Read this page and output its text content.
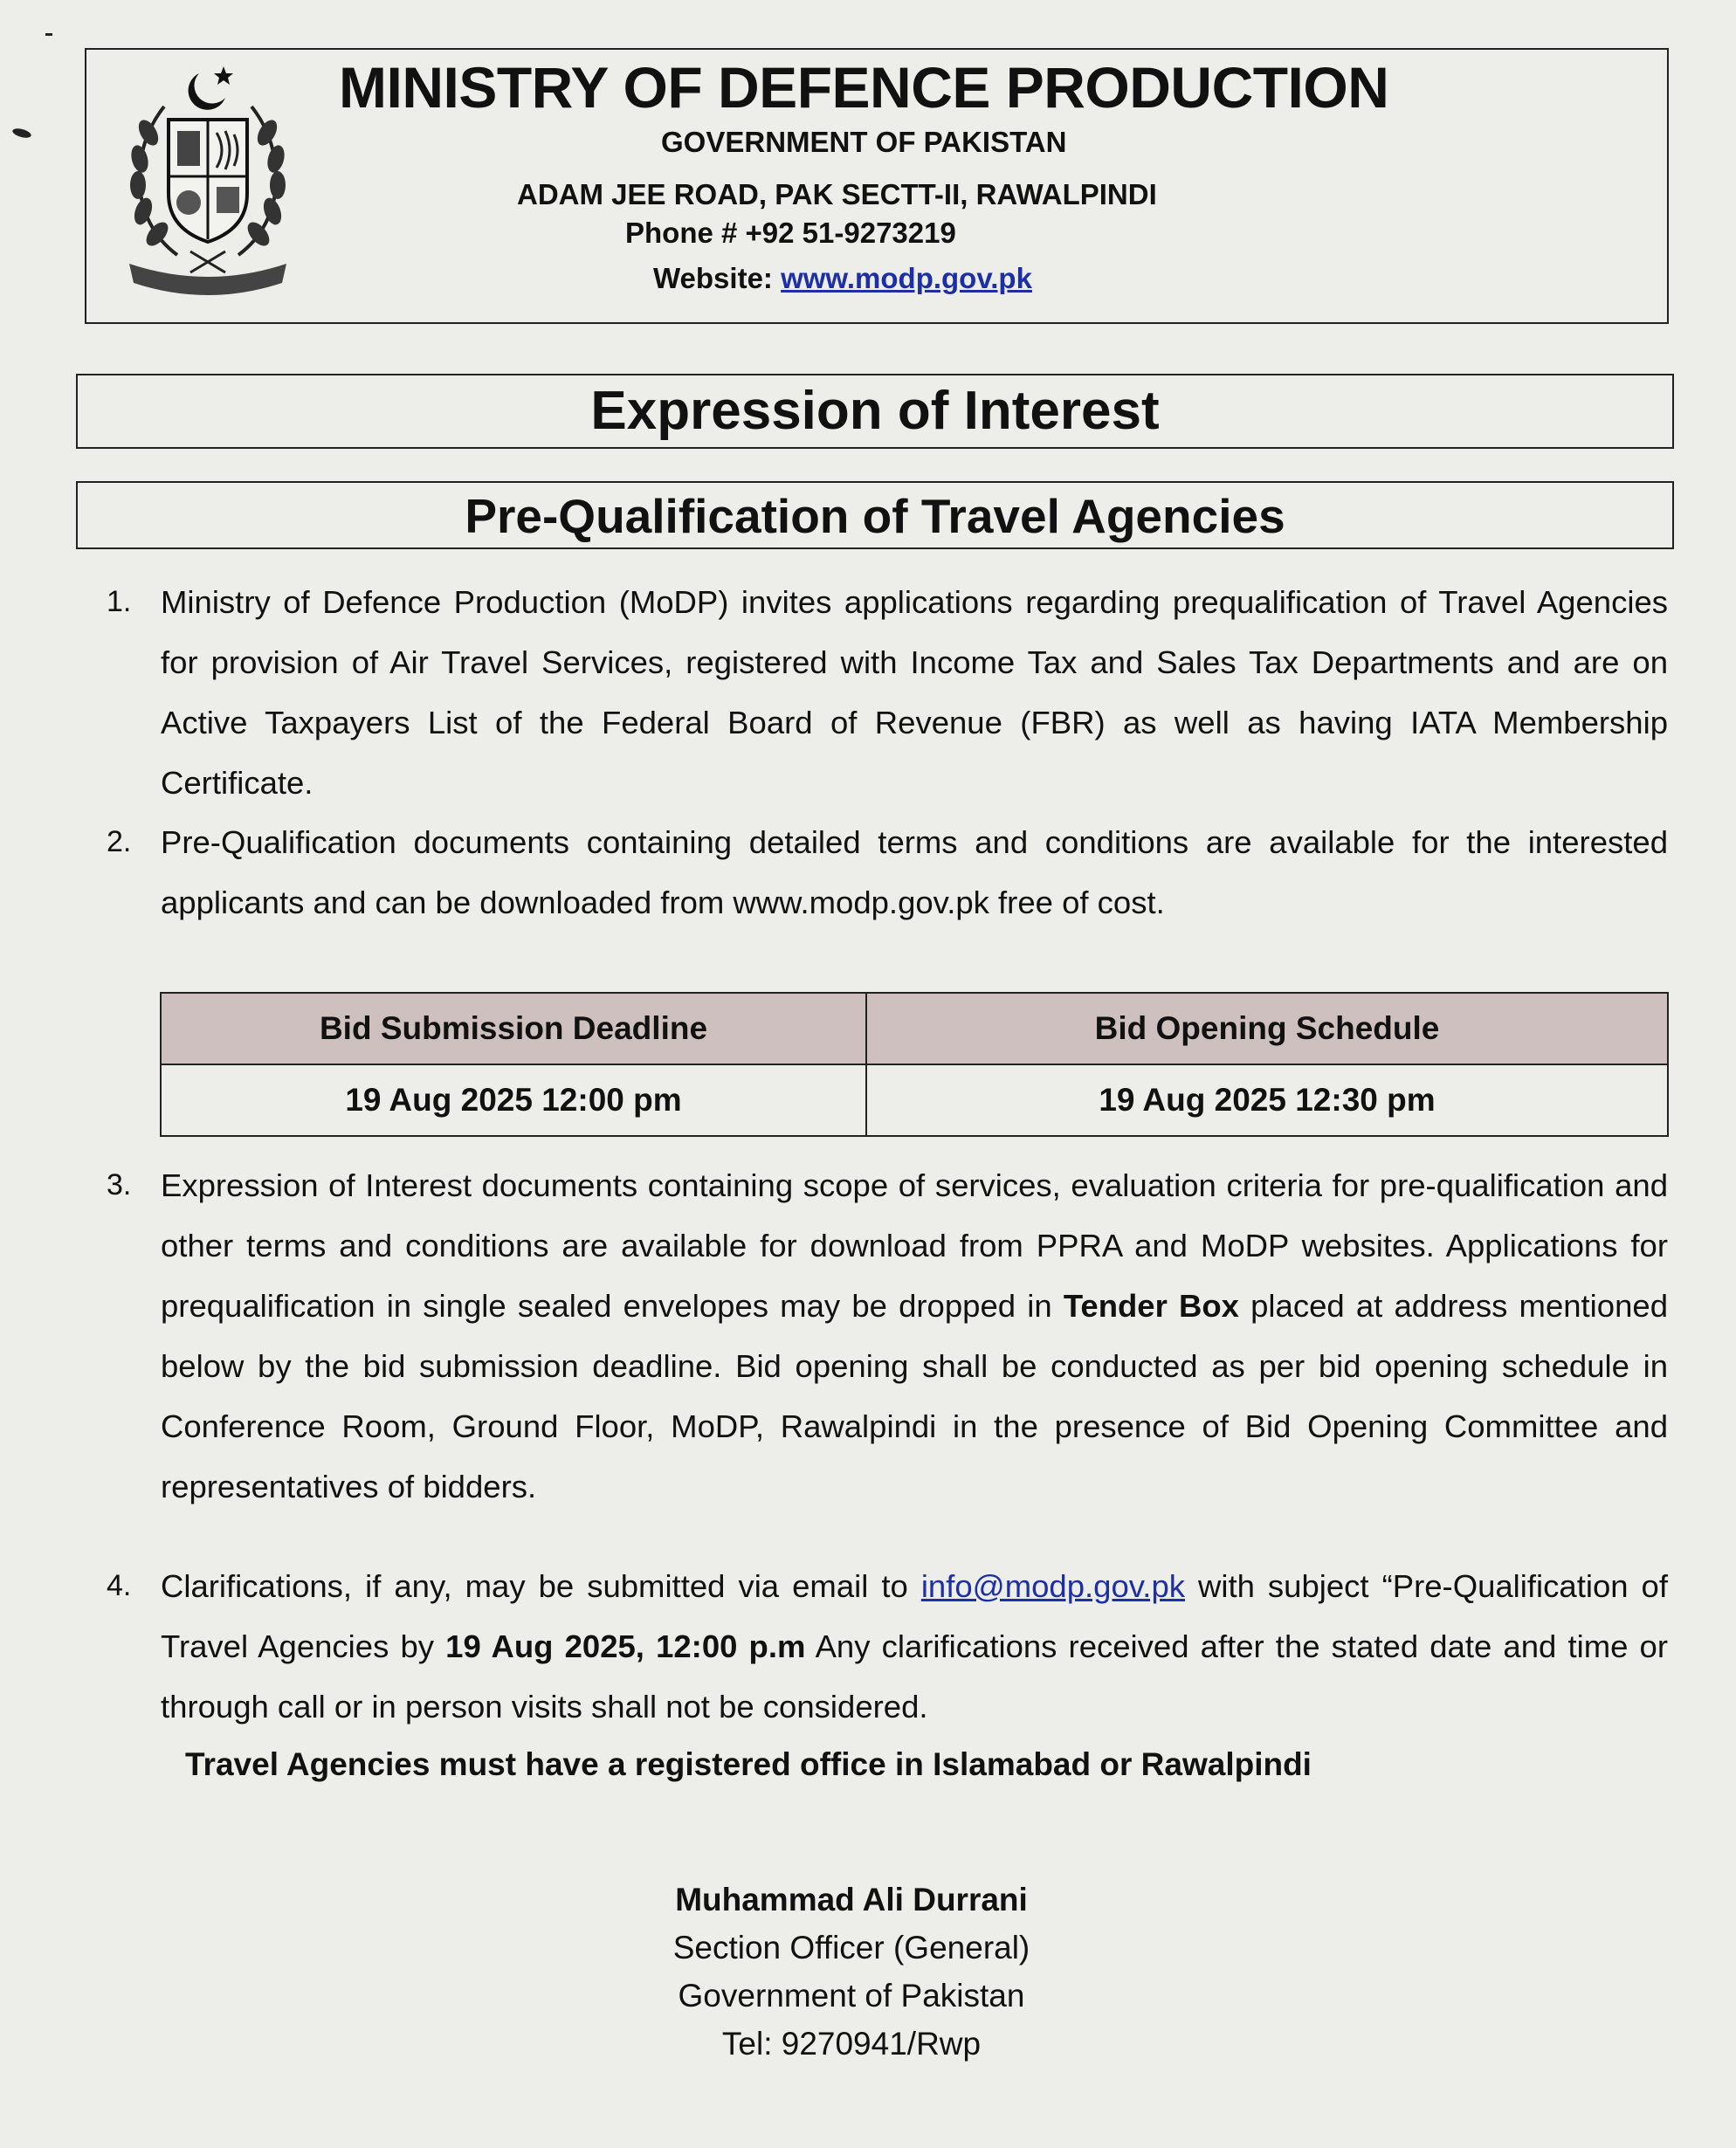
MINISTRY OF DEFENCE PRODUCTION
GOVERNMENT OF PAKISTAN
ADAM JEE ROAD, PAK SECTT-II, RAWALPINDI
Phone # +92 51-9273219
Website: www.modp.gov.pk
Expression of Interest
Pre-Qualification of Travel Agencies
1. Ministry of Defence Production (MoDP) invites applications regarding prequalification of Travel Agencies for provision of Air Travel Services, registered with Income Tax and Sales Tax Departments and are on Active Taxpayers List of the Federal Board of Revenue (FBR) as well as having IATA Membership Certificate.
2. Pre-Qualification documents containing detailed terms and conditions are available for the interested applicants and can be downloaded from www.modp.gov.pk free of cost.
Bid Submission Deadline	Bid Opening Schedule
19 Aug 2025 12:00 pm	19 Aug 2025 12:30 pm
3. Expression of Interest documents containing scope of services, evaluation criteria for pre-qualification and other terms and conditions are available for download from PPRA and MoDP websites. Applications for prequalification in single sealed envelopes may be dropped in Tender Box placed at address mentioned below by the bid submission deadline. Bid opening shall be conducted as per bid opening schedule in Conference Room, Ground Floor, MoDP, Rawalpindi in the presence of Bid Opening Committee and representatives of bidders.
4. Clarifications, if any, may be submitted via email to info@modp.gov.pk with subject “Pre-Qualification of Travel Agencies by 19 Aug 2025, 12:00 p.m Any clarifications received after the stated date and time or through call or in person visits shall not be considered.
Travel Agencies must have a registered office in Islamabad or Rawalpindi
Muhammad Ali Durrani
Section Officer (General)
Government of Pakistan
Tel: 9270941/Rwp
